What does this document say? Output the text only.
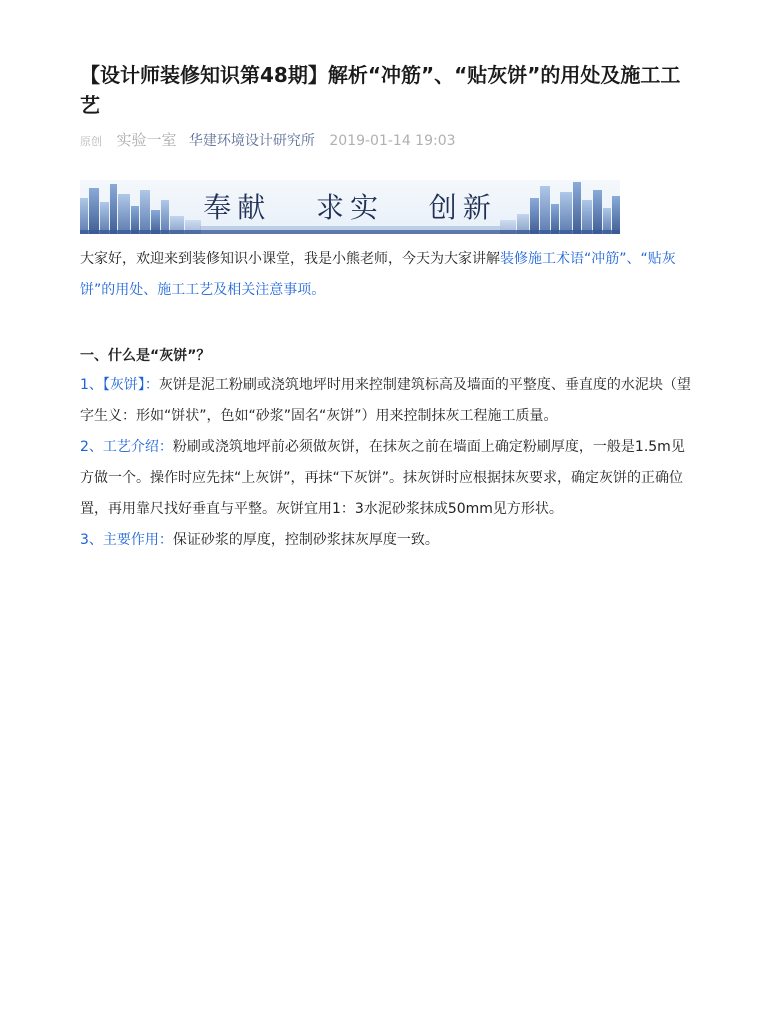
【设计师装修知识第48期】解析“冲筋”、“贴灰饼”的用处及施工工艺
原创 实验一室 华建环境设计研究所 2019-01-14 19:03
奉献   求实   创新

大家好，欢迎来到装修知识小课堂，我是小熊老师，今天为大家讲解装修施工术语“冲筋”、“贴灰饼”的用处、施工工艺及相关注意事项。

一、什么是“灰饼”？

1、【灰饼】：灰饼是泥工粉刷或浇筑地坪时用来控制建筑标高及墙面的平整度、垂直度的水泥块（望字生义：形如“饼状”，色如“砂浆”固名“灰饼”）用来控制抹灰工程施工质量。

2、工艺介绍：粉刷或浇筑地坪前必须做灰饼，在抹灰之前在墙面上确定粉刷厚度，一般是1.5m见方做一个。操作时应先抹“上灰饼”，再抹“下灰饼”。抹灰饼时应根据抹灰要求，确定灰饼的正确位置，再用靠尺找好垂直与平整。灰饼宜用1：3水泥砂浆抹成50mm见方形状。

3、主要作用：保证砂浆的厚度，控制砂浆抹灰厚度一致。
